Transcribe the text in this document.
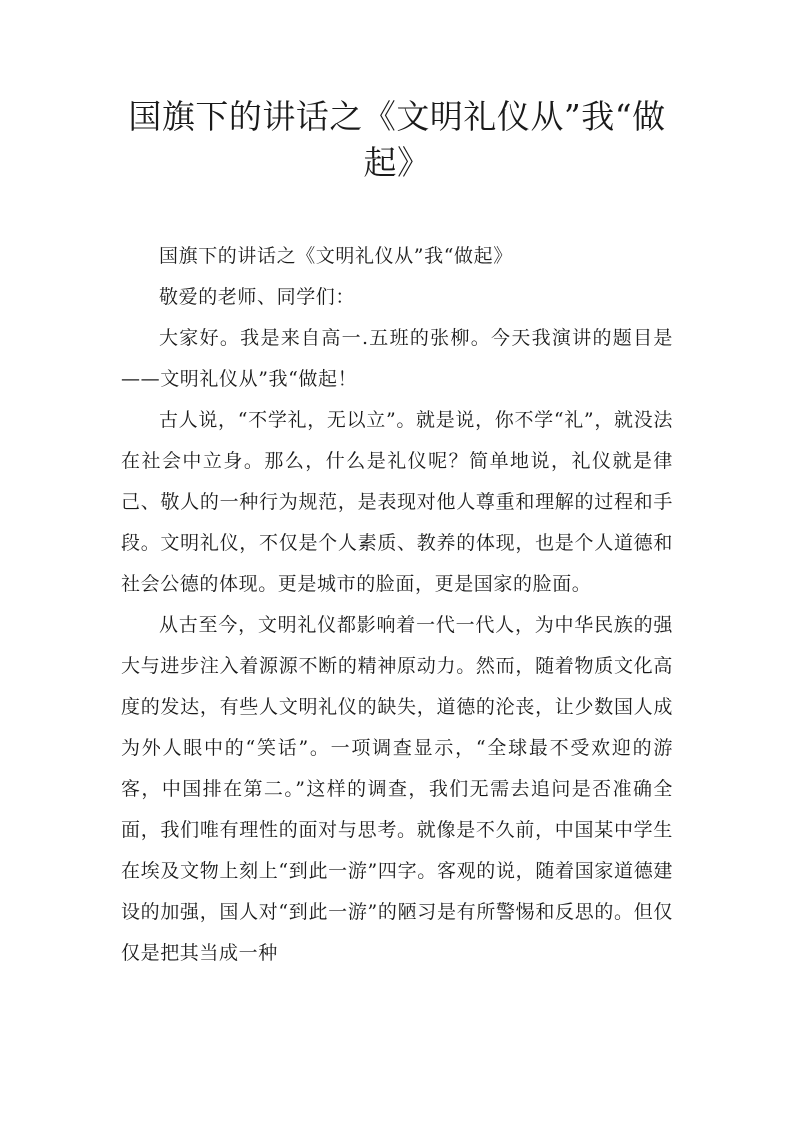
国旗下的讲话之《文明礼仪从”我“做起》

国旗下的讲话之《文明礼仪从”我“做起》

敬爱的老师、同学们：

大家好。我是来自高一.五班的张柳。今天我演讲的题目是——文明礼仪从”我“做起！

古人说，“不学礼，无以立”。就是说，你不学“礼”，就没法在社会中立身。那么，什么是礼仪呢？简单地说，礼仪就是律己、敬人的一种行为规范，是表现对他人尊重和理解的过程和手段。文明礼仪，不仅是个人素质、教养的体现，也是个人道德和社会公德的体现。更是城市的脸面，更是国家的脸面。

从古至今，文明礼仪都影响着一代一代人，为中华民族的强大与进步注入着源源不断的精神原动力。然而，随着物质文化高度的发达，有些人文明礼仪的缺失，道德的沦丧，让少数国人成为外人眼中的“笑话”。一项调查显示，“全球最不受欢迎的游客，中国排在第二。”这样的调查，我们无需去追问是否准确全面，我们唯有理性的面对与思考。就像是不久前，中国某中学生在埃及文物上刻上“到此一游”四字。客观的说，随着国家道德建设的加强，国人对“到此一游”的陋习是有所警惕和反思的。但仅仅是把其当成一种
